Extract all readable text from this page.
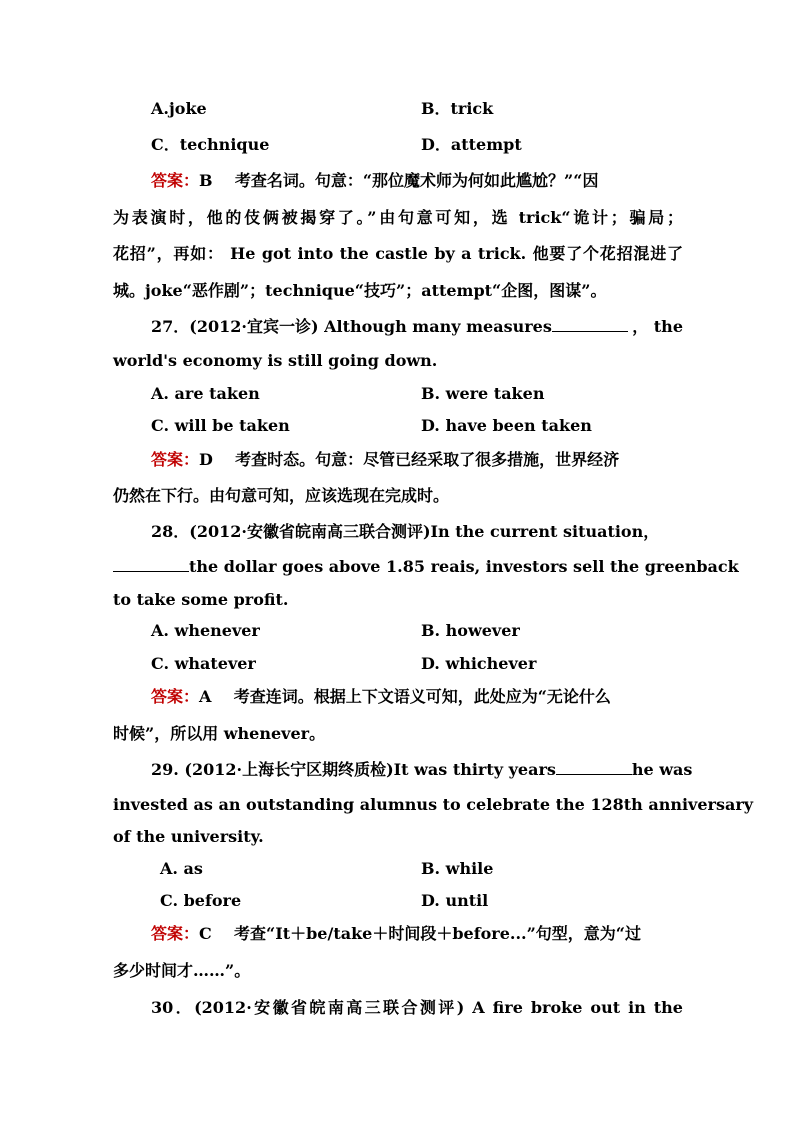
A.joke	B．trick
C．technique	D．attempt
答案：B 考查名词。句意：“那位魔术师为何如此尴尬？”“因
为表演时，他的伎俩被揭穿了。”由句意可知，选 trick“诡计；骗局；
花招”，再如： He got into the castle by a trick. 他要了个花招混进了
城。joke“恶作剧”；technique“技巧”；attempt“企图，图谋”。
27．(2012·宜宾一诊) Although many measures	， the
world's economy is still going down.
A. are taken	B. were taken
C. will be taken	D. have been taken
答案：D 考查时态。句意：尽管已经采取了很多措施，世界经济
仍然在下行。由句意可知，应该选现在完成时。
28．(2012·安徽省皖南高三联合测评)In the current situation，
the dollar goes above 1.85 reais, investors sell the greenback
to take some profit.
A. whenever	B. however
C. whatever	D. whichever
答案：A 考查连词。根据上下文语义可知，此处应为“无论什么
时候”，所以用 whenever。
29. (2012·上海长宁区期终质检)It was thirty years	he was
invested as an outstanding alumnus to celebrate the 128th anniversary
of the university.
A. as	B. while
C. before	D. until
答案：C 考查“It＋be/take＋时间段＋before...”句型，意为“过
多少时间才……”。
30．(2012·安徽省皖南高三联合测评) A fire broke out in the
